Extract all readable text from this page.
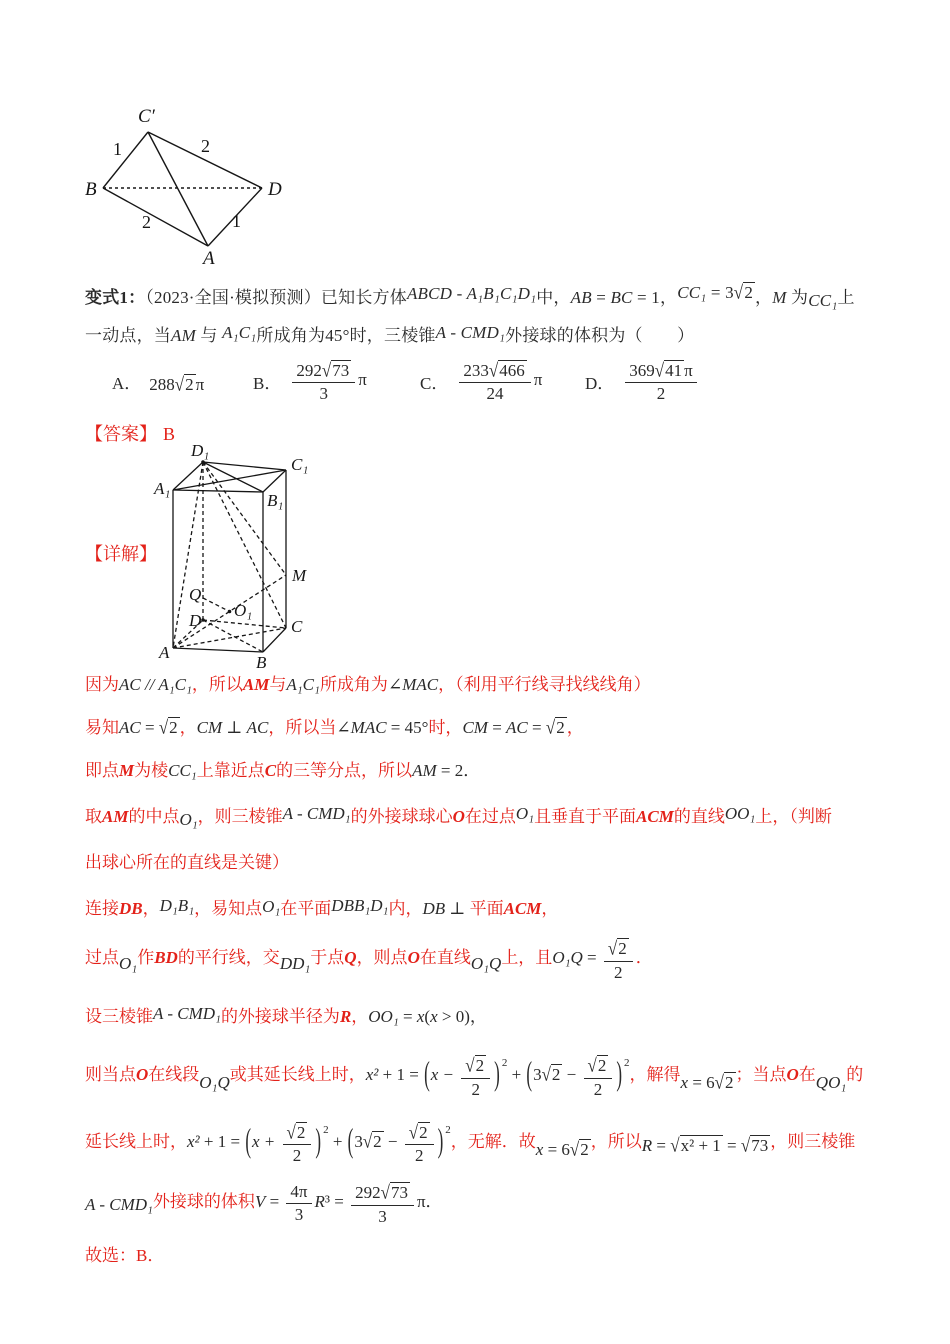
C′
B	D
A
1	2
2	1
变式1：（2023·全国·模拟预测）已知长方体ABCD - A₁B₁C₁D₁中，AB = BC = 1，CC₁ = 3√2 ，M 为CC₁上
一动点，当AM 与 A₁C₁所成角为45°时，三棱锥A - CMD₁外接球的体积为（　　）
A． 288√2 π	B． $\frac{292√73}{3}$ π	C． $\frac{233√466}{24}$ π	D． $\frac{369√41 \pi}{2}$
【答案】 B
D₁
C₁
A₁
B₁
M
Q
O₁
D	C
A
B
【详解】

因为AC // A₁C₁，所以AM与A₁C₁所成角为∠MAC，（利用平行线寻找线线角）

易知AC = √2 ，CM ⊥ AC，所以当∠MAC = 45°时，CM = AC = √2 ，

即点M为棱CC₁上靠近点C的三等分点，所以AM = 2．

取AM的中点O₁，则三棱锥A - CMD₁的外接球球心O在过点O₁且垂直于平面ACM的直线OO₁上，（判断

出球心所在的直线是关键）

连接DB，D₁B₁，易知点O₁在平面DBB₁D₁内，DB ⊥ 平面ACM，

过点O₁作BD的平行线，交DD₁于点Q，则点O在直线O₁Q上，且$O_1Q = \frac{√2}{2}$ ．

设三棱锥A - CMD₁的外接球半径为R，OO₁ = x(x > 0)，

则当点O在线段O₁Q或其延长线上时，$x^2 + 1 = (x - \frac{√2}{2}$ ) $^2 + (3√2 - \frac{√2}{2}$ ) $^2$，解得x = 6√2 ；当点O在QO₁的

延长线上时，$x^2 + 1 = (x + \frac{√2}{2}$ ) $^2 + (3√2 - \frac{√2}{2}$ ) $^2$，无解．故x = 6√2 ，所以R = √x² + 1 = √73 ，则三棱锥

A - CMD₁外接球的体积$V = \frac{4\pi}{3} R^3 = \frac{292√73}{3}$ π．

故选：B．
